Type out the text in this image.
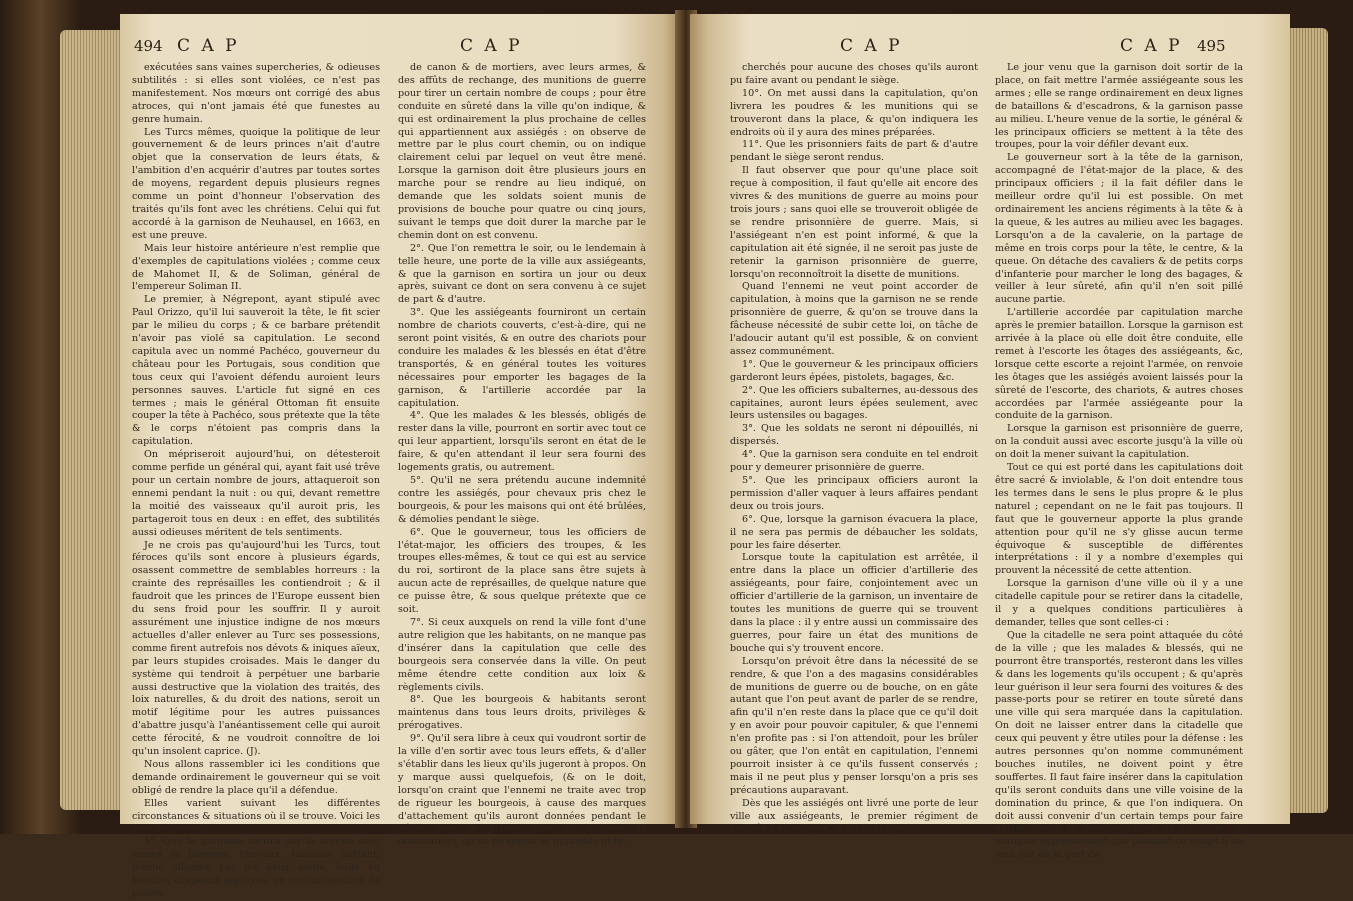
494 C A P	C A P

exécutées sans vaines supercheries, & odieuses subtilités : si elles sont violées, ce n'est pas manifestement. Nos mœurs ont corrigé des abus atroces, qui n'ont jamais été que funestes au genre humain.

Les Turcs mêmes, quoique la politique de leur gouvernement & de leurs princes n'ait d'autre objet que la conservation de leurs états, & l'ambition d'en acquérir d'autres par toutes sortes de moyens, regardent depuis plusieurs regnes comme un point d'honneur l'observation des traités qu'ils font avec les chrétiens. Celui qui fut accordé à la garnison de Neuhausel, en 1663, en est une preuve.

Mais leur histoire antérieure n'est remplie que d'exemples de capitulations violées ; comme ceux de Mahomet II, & de Soliman, général de l'empereur Soliman II.

Le premier, à Négrepont, ayant stipulé avec Paul Orizzo, qu'il lui sauveroit la tête, le fit scier par le milieu du corps ; & ce barbare prétendit n'avoir pas violé sa capitulation. Le second capitula avec un nommé Pachéco, gouverneur du château pour les Portugais, sous condition que tous ceux qui l'avoient défendu auroient leurs personnes sauves. L'article fut signé en ces termes ; mais le général Ottoman fit ensuite couper la tête à Pachéco, sous prétexte que la tête & le corps n'étoient pas compris dans la capitulation.

On mépriseroit aujourd'hui, on détesteroit comme perfide un général qui, ayant fait usé trêve pour un certain nombre de jours, attaqueroit son ennemi pendant la nuit : ou qui, devant remettre la moitié des vaisseaux qu'il auroit pris, les partageroit tous en deux : en effet, des subtilités aussi odieuses méritent de tels sentiments.

Je ne crois pas qu'aujourd'hui les Turcs, tout féroces qu'ils sont encore à plusieurs égards, osassent commettre de semblables horreurs : la crainte des représailles les contiendroit ; & il faudroit que les princes de l'Europe eussent bien du sens froid pour les souffrir. Il y auroit assurément une injustice indigne de nos mœurs actuelles d'aller enlever au Turc ses possessions, comme firent autrefois nos dévots & iniques aïeux, par leurs stupides croisades. Mais le danger du système qui tendroit à perpétuer une barbarie aussi destructive que la violation des traités, des loix naturelles, & du droit des nations, seroit un motif légitime pour les autres puissances d'abattre jusqu'à l'anéantissement celle qui auroit cette férocité, & ne voudroit connoître de loi qu'un insolent caprice. (J).

Nous allons rassembler ici les conditions que demande ordinairement le gouverneur qui se voit obligé de rendre la place qu'il a défendue.

Elles varient suivant les différentes circonstances & situations où il se trouve. Voici les plus ordinaires.

1°. Que la garnison sortira par la brèche avec armes & bagages, chevaux, tambour battant, mèche allumée par les deux bouts, balle en bouche, drapeaux déployés, un certain nombre de pièces

de canon & de mortiers, avec leurs armes, & des affûts de rechange, des munitions de guerre pour tirer un certain nombre de coups ; pour être conduite en sûreté dans la ville qu'on indique, & qui est ordinairement la plus prochaine de celles qui appartiennent aux assiégés : on observe de mettre par le plus court chemin, ou on indique clairement celui par lequel on veut être mené. Lorsque la garnison doit être plusieurs jours en marche pour se rendre au lieu indiqué, on demande que les soldats soient munis de provisions de bouche pour quatre ou cinq jours, suivant le temps que doit durer la marche par le chemin dont on est convenu.

2°. Que l'on remettra le soir, ou le lendemain à telle heure, une porte de la ville aux assiégeants, & que la garnison en sortira un jour ou deux après, suivant ce dont on sera convenu à ce sujet de part & d'autre.

3°. Que les assiégeants fourniront un certain nombre de chariots couverts, c'est-à-dire, qui ne seront point visités, & en outre des chariots pour conduire les malades & les blessés en état d'être transportés, & en général toutes les voitures nécessaires pour emporter les bagages de la garnison, & l'artillerie accordée par la capitulation.

4°. Que les malades & les blessés, obligés de rester dans la ville, pourront en sortir avec tout ce qui leur appartient, lorsqu'ils seront en état de le faire, & qu'en attendant il leur sera fourni des logements gratis, ou autrement.

5°. Qu'il ne sera prétendu aucune indemnité contre les assiégés, pour chevaux pris chez le bourgeois, & pour les maisons qui ont été brûlées, & démolies pendant le siège.

6°. Que le gouverneur, tous les officiers de l'état-major, les officiers des troupes, & les troupes elles-mêmes, & tout ce qui est au service du roi, sortiront de la place sans être sujets à aucun acte de représailles, de quelque nature que ce puisse être, & sous quelque prétexte que ce soit.

7°. Si ceux auxquels on rend la ville font d'une autre religion que les habitants, on ne manque pas d'insérer dans la capitulation que celle des bourgeois sera conservée dans la ville. On peut même étendre cette condition aux loix & règlements civils.

8°. Que les bourgeois & habitants seront maintenus dans tous leurs droits, privilèges & prérogatives.

9°. Qu'il sera libre à ceux qui voudront sortir de la ville d'en sortir avec tous leurs effets, & d'aller s'établir dans les lieux qu'ils jugeront à propos. On y marque aussi quelquefois, (& on le doit, lorsqu'on craint que l'ennemi ne traite avec trop de rigueur les bourgeois, à cause des marques d'attachement qu'ils auront données pendant le siège pour le prince dont ils quittent la domination), qu'ils ne seront ni inquiétés ni re-

C A P	C A P 495

cherchés pour aucune des choses qu'ils auront pu faire avant ou pendant le siège.

10°. On met aussi dans la capitulation, qu'on livrera les poudres & les munitions qui se trouveront dans la place, & qu'on indiquera les endroits où il y aura des mines préparées.

11°. Que les prisonniers faits de part & d'autre pendant le siège seront rendus.

Il faut observer que pour qu'une place soit reçue à composition, il faut qu'elle ait encore des vivres & des munitions de guerre au moins pour trois jours ; sans quoi elle se trouveroit obligée de se rendre prisonnière de guerre. Mais, si l'assiégeant n'en est point informé, & que la capitulation ait été signée, il ne seroit pas juste de retenir la garnison prisonnière de guerre, lorsqu'on reconnoîtroit la disette de munitions.

Quand l'ennemi ne veut point accorder de capitulation, à moins que la garnison ne se rende prisonnière de guerre, & qu'on se trouve dans la fâcheuse nécessité de subir cette loi, on tâche de l'adoucir autant qu'il est possible, & on convient assez communément.

1°. Que le gouverneur & les principaux officiers garderont leurs épées, pistolets, bagages, &c.

2°. Que les officiers subalternes, au-dessous des capitaines, auront leurs épées seulement, avec leurs ustensiles ou bagages.

3°. Que les soldats ne seront ni dépouillés, ni dispersés.

4°. Que la garnison sera conduite en tel endroit pour y demeurer prisonnière de guerre.

5°. Que les principaux officiers auront la permission d'aller vaquer à leurs affaires pendant deux ou trois jours.

6°. Que, lorsque la garnison évacuera la place, il ne sera pas permis de débaucher les soldats, pour les faire déserter.

Lorsque toute la capitulation est arrêtée, il entre dans la place un officier d'artillerie des assiégeants, pour faire, conjointement avec un officier d'artillerie de la garnison, un inventaire de toutes les munitions de guerre qui se trouvent dans la place : il y entre aussi un commissaire des guerres, pour faire un état des munitions de bouche qui s'y trouvent encore.

Lorsqu'on prévoit être dans la nécessité de se rendre, & que l'on a des magasins considérables de munitions de guerre ou de bouche, on en gâte autant que l'on peut avant de parler de se rendre, afin qu'il n'en reste dans la place que ce qu'il doit y en avoir pour pouvoir capituler, & que l'ennemi n'en profite pas : si l'on attendoit, pour les brûler ou gâter, que l'on entât en capitulation, l'ennemi pourroit insister à ce qu'ils fussent conservés ; mais il ne peut plus y penser lorsqu'on a pris ses précautions auparavant.

Dès que les assiégés ont livré une porte de leur ville aux assiégeants, le premier régiment de l'armée s'en empare, & y fait la garde.

Le jour venu que la garnison doit sortir de la place, on fait mettre l'armée assiégeante sous les armes ; elle se range ordinairement en deux lignes de bataillons & d'escadrons, & la garnison passe au milieu. L'heure venue de la sortie, le général & les principaux officiers se mettent à la tête des troupes, pour la voir défiler devant eux.

Le gouverneur sort à la tête de la garnison, accompagné de l'état-major de la place, & des principaux officiers ; il la fait défiler dans le meilleur ordre qu'il lui est possible. On met ordinairement les anciens régiments à la tête & à la queue, & les autres au milieu avec les bagages. Lorsqu'on a de la cavalerie, on la partage de même en trois corps pour la tête, le centre, & la queue. On détache des cavaliers & de petits corps d'infanterie pour marcher le long des bagages, & veiller à leur sûreté, afin qu'il n'en soit pillé aucune partie.

L'artillerie accordée par capitulation marche après le premier bataillon. Lorsque la garnison est arrivée à la place où elle doit être conduite, elle remet à l'escorte les ôtages des assiégeants, &c, lorsque cette escorte a rejoint l'armée, on renvoie les ôtages que les assiégés avoient laissés pour la sûreté de l'escorte, des chariots, & autres choses accordées par l'armée assiégeante pour la conduite de la garnison.

Lorsque la garnison est prisonnière de guerre, on la conduit aussi avec escorte jusqu'à la ville où on doit la mener suivant la capitulation.

Tout ce qui est porté dans les capitulations doit être sacré & inviolable, & l'on doit entendre tous les termes dans le sens le plus propre & le plus naturel ; cependant on ne le fait pas toujours. Il faut que le gouverneur apporte la plus grande attention pour qu'il ne s'y glisse aucun terme équivoque & susceptible de différentes interprétations : il y a nombre d'exemples qui prouvent la nécessité de cette attention.

Lorsque la garnison d'une ville où il y a une citadelle capitule pour se retirer dans la citadelle, il y a quelques conditions particulières à demander, telles que sont celles-ci :

Que la citadelle ne sera point attaquée du côté de la ville ; que les malades & blessés, qui ne pourront être transportés, resteront dans les villes & dans les logements qu'ils occupent ; & qu'après leur guérison il leur sera fourni des voitures & des passe-ports pour se retirer en toute sûreté dans une ville qui sera marquée dans la capitulation. On doit ne laisser entrer dans la citadelle que ceux qui peuvent y être utiles pour la défense : les autres personnes qu'on nomme communément bouches inutiles, ne doivent point y être souffertes. Il faut faire insérer dans la capitulation qu'ils seront conduits dans une ville voisine de la domination du prince, & que l'on indiquera. On doit aussi convenir d'un certain temps pour faire entrer toute la garnison dans la citadelle, & marquer expressément que pendant ce temps il ne sera fait de la part de
